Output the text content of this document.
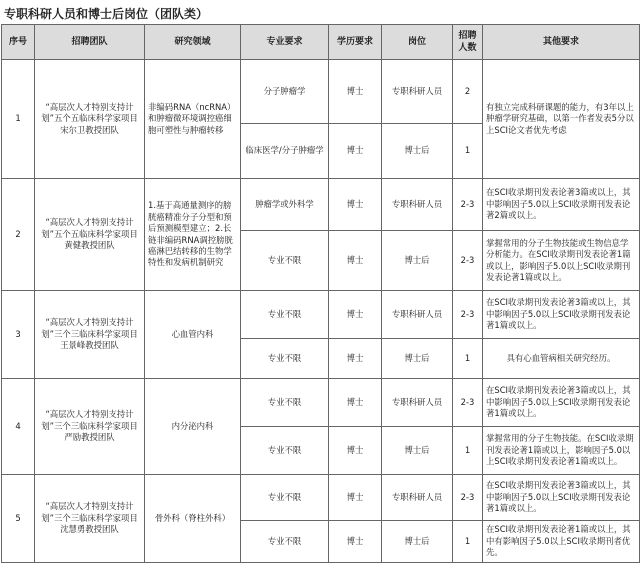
专职科研人员和博士后岗位（团队类）
序号	招聘团队	研究领域	专业要求	学历要求	岗位	招聘人数	其他要求
1	“高层次人才特别支持计划”五个五临床科学家项目宋尔卫教授团队	非编码RNA（ncRNA）和肿瘤微环境调控癌细胞可塑性与肿瘤转移	分子肿瘤学	博士	专职科研人员	2	有独立完成科研课题的能力，有3年以上肿瘤学研究基础，以第一作者发表5分以上SCI论文者优先考虑
			临床医学/分子肿瘤学	博士	博士后	1	
2	“高层次人才特别支持计划”五个五临床科学家项目黄健教授团队	1.基于高通量测序的膀胱癌精准分子分型和预后预测模型建立；2.长链非编码RNA调控膀胱癌淋巴结转移的生物学特性和发病机制研究	肿瘤学或外科学	博士	专职科研人员	2-3	在SCI收录期刊发表论著3篇或以上，其中影响因子5.0以上SCI收录期刊发表论著2篇或以上。
			专业不限	博士	博士后	2-3	掌握常用的分子生物技能或生物信息学分析能力。在SCI收录期刊发表论著1篇或以上，影响因子5.0以上SCI收录期刊发表论著1篇或以上。
3	“高层次人才特别支持计划”三个三临床科学家项目王景峰教授团队	心血管内科	专业不限	博士	专职科研人员	2-3	在SCI收录期刊发表论著3篇或以上，其中影响因子5.0以上SCI收录期刊发表论著1篇或以上。
			专业不限	博士	博士后	1	具有心血管病相关研究经历。
4	“高层次人才特别支持计划”三个三临床科学家项目严励教授团队	内分泌内科	专业不限	博士	专职科研人员	2-3	在SCI收录期刊发表论著3篇或以上，其中影响因子5.0以上SCI收录期刊发表论著1篇或以上。
			专业不限	博士	博士后	1	掌握常用的分子生物技能。在SCI收录期刊发表论著1篇或以上，影响因子5.0以上SCI收录期刊发表论著1篇或以上。
5	“高层次人才特别支持计划”三个三临床科学家项目沈慧勇教授团队	骨外科（脊柱外科）	专业不限	博士	专职科研人员	2-3	在SCI收录期刊发表论著3篇或以上，其中影响因子5.0以上SCI收录期刊发表论著1篇或以上。
			专业不限	博士	博士后	1	在SCI收录期刊发表论著1篇或以上，其中有影响因子5.0以上SCI收录期刊者优先。
